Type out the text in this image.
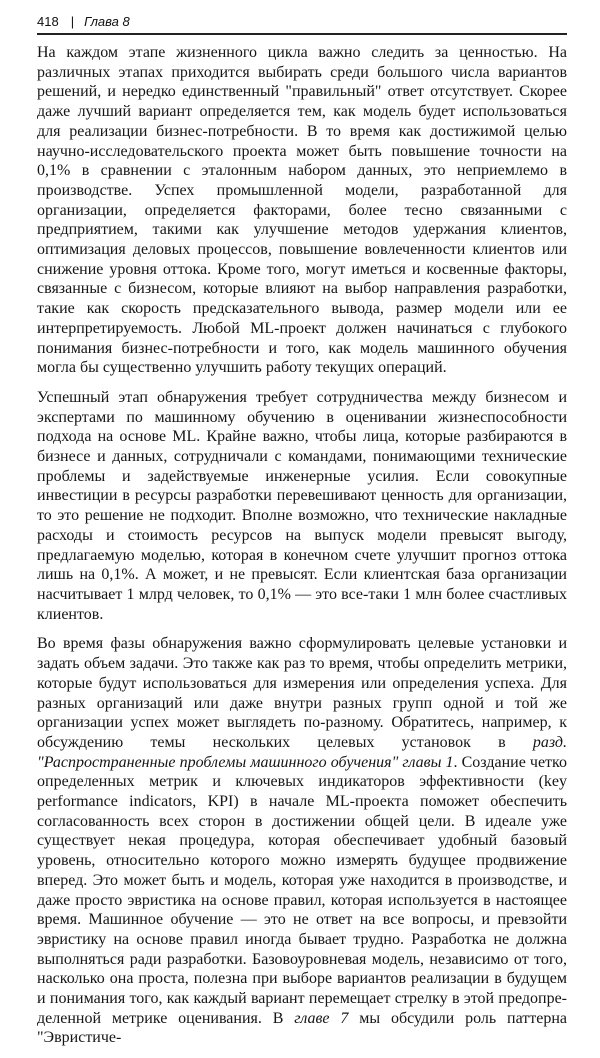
418 | Глава 8

На каждом этапе жизненного цикла важно следить за ценностью. На различных этапах приходится выбирать среди большого числа вариантов решений, и нередко единственный "правильный" ответ отсутствует. Скорее даже лучший вариант определяется тем, как модель будет использоваться для реализации бизнес-потребности. В то время как достижимой целью научно-исследовательского проекта может быть повышение точности на 0,1% в сравнении с эталонным набором данных, это неприемлемо в производстве. Успех промышленной модели, разработанной для организации, определяется факторами, более тесно связанными с предприятием, такими как улучшение методов удержания клиентов, оптимизация деловых процессов, повышение вовлеченности клиентов или снижение уровня оттока. Кроме того, могут иметься и косвенные факторы, связанные с бизнесом, которые влияют на выбор направления разработки, такие как скорость предсказательного вывода, размер модели или ее интерпретируемость. Любой ML-проект должен начинаться с глубокого понимания бизнес-потребности и того, как модель машинного обучения могла бы существенно улучшить работу текущих операций.

Успешный этап обнаружения требует сотрудничества между бизнесом и экспертами по машинному обучению в оценивании жизнеспособности подхода на основе ML. Крайне важно, чтобы лица, которые разбираются в бизнесе и данных, сотрудничали с командами, понимающими технические проблемы и задействуемые инженерные усилия. Если совокупные инвестиции в ресурсы разработки перевешивают ценность для организации, то это решение не подходит. Вполне возможно, что технические накладные расходы и стоимость ресурсов на выпуск модели превысят выгоду, предлагаемую моделью, которая в конечном счете улучшит прогноз оттока лишь на 0,1%. А может, и не превысят. Если клиентская база организации насчитывает 1 млрд человек, то 0,1% — это все-таки 1 млн более счастливых клиентов.

Во время фазы обнаружения важно сформулировать целевые установки и задать объем задачи. Это также как раз то время, чтобы определить метрики, которые будут использоваться для измерения или определения успеха. Для разных организаций или даже внутри разных групп одной и той же организации успех может выглядеть по-разному. Обратитесь, например, к обсуждению темы нескольких целевых установок в разд. "Распространенные проблемы машинного обучения" главы 1. Создание четко определенных метрик и ключевых индикаторов эффективности (key performance indicators, KPI) в начале ML-проекта поможет обеспечить согласованность всех сторон в достижении общей цели. В идеале уже существует некая процедура, которая обеспечивает удобный базовый уровень, относительно которого можно измерять будущее продвижение вперед. Это может быть и модель, которая уже находится в производстве, и даже просто эвристика на основе правил, которая используется в настоящее время. Машинное обучение — это не ответ на все вопросы, и превзойти эвристику на основе правил иногда бывает трудно. Разработка не должна выполняться ради разработки. Базовоуровневая модель, независимо от того, насколько она проста, полезна при выборе вариантов реализации в будущем и понимания того, как каждый вариант перемещает стрелку в этой предопределенной метрике оценивания. В главе 7 мы обсудили роль паттерна "Эвристиче-
